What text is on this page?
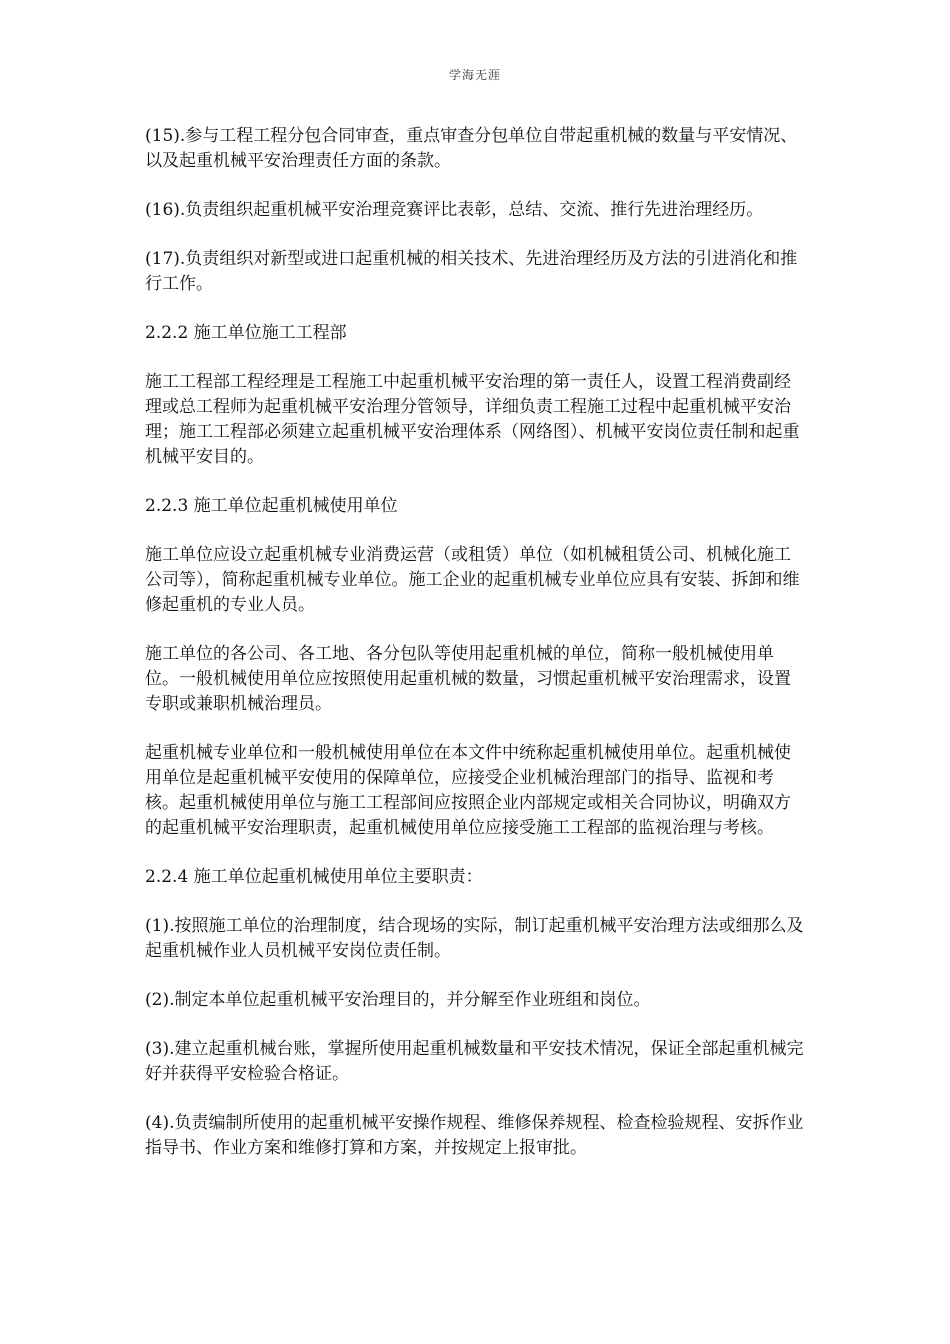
学海无涯

(15).参与工程工程分包合同审查，重点审查分包单位自带起重机械的数量与平安情况、以及起重机械平安治理责任方面的条款。

(16).负责组织起重机械平安治理竞赛评比表彰，总结、交流、推行先进治理经历。

(17).负责组织对新型或进口起重机械的相关技术、先进治理经历及方法的引进消化和推行工作。

2.2.2 施工单位施工工程部

施工工程部工程经理是工程施工中起重机械平安治理的第一责任人，设置工程消费副经理或总工程师为起重机械平安治理分管领导，详细负责工程施工过程中起重机械平安治理；施工工程部必须建立起重机械平安治理体系（网络图）、机械平安岗位责任制和起重机械平安目的。

2.2.3 施工单位起重机械使用单位

施工单位应设立起重机械专业消费运营（或租赁）单位（如机械租赁公司、机械化施工公司等），简称起重机械专业单位。施工企业的起重机械专业单位应具有安装、拆卸和维修起重机的专业人员。

施工单位的各公司、各工地、各分包队等使用起重机械的单位，简称一般机械使用单位。一般机械使用单位应按照使用起重机械的数量，习惯起重机械平安治理需求，设置专职或兼职机械治理员。

起重机械专业单位和一般机械使用单位在本文件中统称起重机械使用单位。起重机械使用单位是起重机械平安使用的保障单位，应接受企业机械治理部门的指导、监视和考核。起重机械使用单位与施工工程部间应按照企业内部规定或相关合同协议，明确双方的起重机械平安治理职责，起重机械使用单位应接受施工工程部的监视治理与考核。

2.2.4 施工单位起重机械使用单位主要职责：

(1).按照施工单位的治理制度，结合现场的实际，制订起重机械平安治理方法或细那么及起重机械作业人员机械平安岗位责任制。

(2).制定本单位起重机械平安治理目的，并分解至作业班组和岗位。

(3).建立起重机械台账，掌握所使用起重机械数量和平安技术情况，保证全部起重机械完好并获得平安检验合格证。

(4).负责编制所使用的起重机械平安操作规程、维修保养规程、检查检验规程、安拆作业指导书、作业方案和维修打算和方案，并按规定上报审批。
